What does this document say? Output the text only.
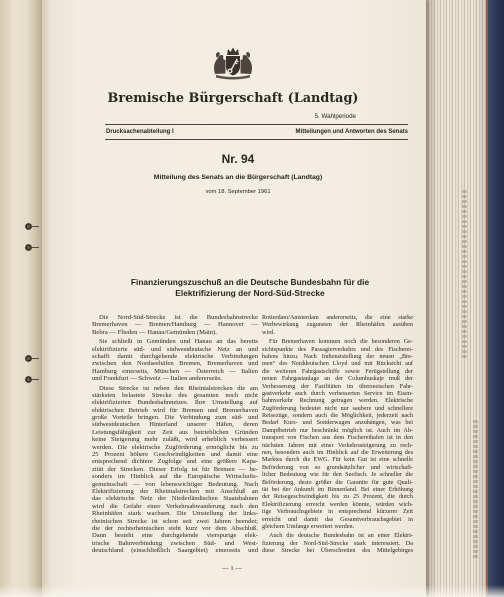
Bremische Bürgerschaft (Landtag)
5. Wahlperiode
Drucksachenabteilung I	Mitteilungen und Antworten des Senats
Nr. 94
Mitteilung des Senats an die Bürgerschaft (Landtag)
vom 18. September 1961
Finanzierungszuschuß an die Deutsche Bundesbahn für die
Elektrifizierung der Nord-Süd-Strecke
Die Nord-Süd-Strecke ist die Bundesbahnstrecke
Bremerhaven — Bremen/Hamburg — Hannover —
Bebra — Flieden — Hanau/Gemünden (Main).
Sie schließt in Gemünden und Hanau an das bereits
elektrifizierte süd- und südwestdeutsche Netz an und
schafft damit durchgehende elektrische Verbindungen
zwischen den Nordseehäfen Bremen, Bremerhaven und
Hamburg einerseits, München — Österreich — Italien
und Frankfurt — Schweiz — Italien andererseits.
Diese Strecke ist neben den Rheintalstrecken die am
stärksten belastete Strecke des gesamten noch nicht
elektrifizierten Bundesbahnnetzes. Ihre Umstellung auf
elektrischen Betrieb wird für Bremen und Bremerhaven
große Vorteile bringen. Die Verbindung zum süd- und
südwestdeutschen Hinterland unserer Häfen, deren
Leistungsfähigkeit zur Zeit aus betrieblichen Gründen
keine Steigerung mehr zuläßt, wird erheblich verbessert
werden. Die elektrische Zugförderung ermöglicht bis zu
25 Prozent höhere Geschwindigkeiten und damit eine
entsprechend dichtere Zugfolge und eine größere Kapa-
zität der Strecken. Dieser Erfolg ist für Bremen — be-
sonders im Hinblick auf die Europäische Wirtschafts-
gemeinschaft — von lebenswichtiger Bedeutung. Nach
Elektrifizierung der Rheintalstrecken mit Anschluß an
das elektrische Netz der Niederländischen Staatsbahnen
wird die Gefahr einer Verkehrsabwanderung nach den
Rheinhäfen stark wachsen. Die Umstellung der links-
rheinischen Strecke ist schon seit zwei Jahren beendet;
die der rechtsrheinischen steht kurz vor dem Abschluß.
Dann besteht eine durchgehende vierspurige elek-
trische Bahnverbindung zwischen Süd- und West-
deutschland (einschließlich Saargebiet) einerseits und
Rotterdam/Amsterdam andererseits, die eine starke
Werbewirkung zugunsten der Rheinhäfen ausüben
wird.
Für Bremerhaven kommen noch die besonderen Ge-
sichtspunkte des Passagierverkehrs und des Fischerei-
hafens hinzu. Nach Indienststellung der neuen „Bre-
men“ des Norddeutschen Lloyd und mit Rücksicht auf
die weiteren Fahrgastschiffe sowie Fertigstellung der
neuen Fahrgastanlage an der Columbuskaje muß der
Verbesserung der Fazilitäten im überseeischen Fahr-
gastverkehr auch durch verbesserten Service im Eisen-
bahnverkehr Rechnung getragen werden. Elektrische
Zugförderung bedeutet nicht nur saubere und schnellere
Reisezüge, sondern auch die Möglichkeit, jederzeit nach
Bedarf Kurs- und Sonderwagen anzuhängen, was bei
Dampfbetrieb nur beschränkt möglich ist. Auch im Ab-
transport von Fischen aus dem Fischereihafen ist in den
nächsten Jahren mit einer Verkehrssteigerung zu rech-
nen, besonders auch im Hinblick auf die Erweiterung des
Marktes durch die EWG. Für kein Gut ist eine schnelle
Beförderung von so grundsätzlicher und wirtschaft-
licher Bedeutung wie für den Seefisch. Je schneller die
Beförderung, desto größer die Garantie für gute Quali-
tät bei der Ankunft im Binnenland. Bei einer Erhöhung
der Reisegeschwindigkeit bis zu 25 Prozent, die durch
Elektrifizierung erreicht werden könnte, würden wich-
tige Verbrauchsgebiete in entsprechend kürzerer Zeit
erreicht und damit das Gesamtverbrauchsgebiet in
gleichem Umfange erweitert werden.
Auch die deutsche Bundesbahn ist an einer Elektri-
fizierung der Nord-Süd-Strecke stark interessiert. Da
diese Strecke bei Überschreiten des Mittelgebirges
— 1 —
